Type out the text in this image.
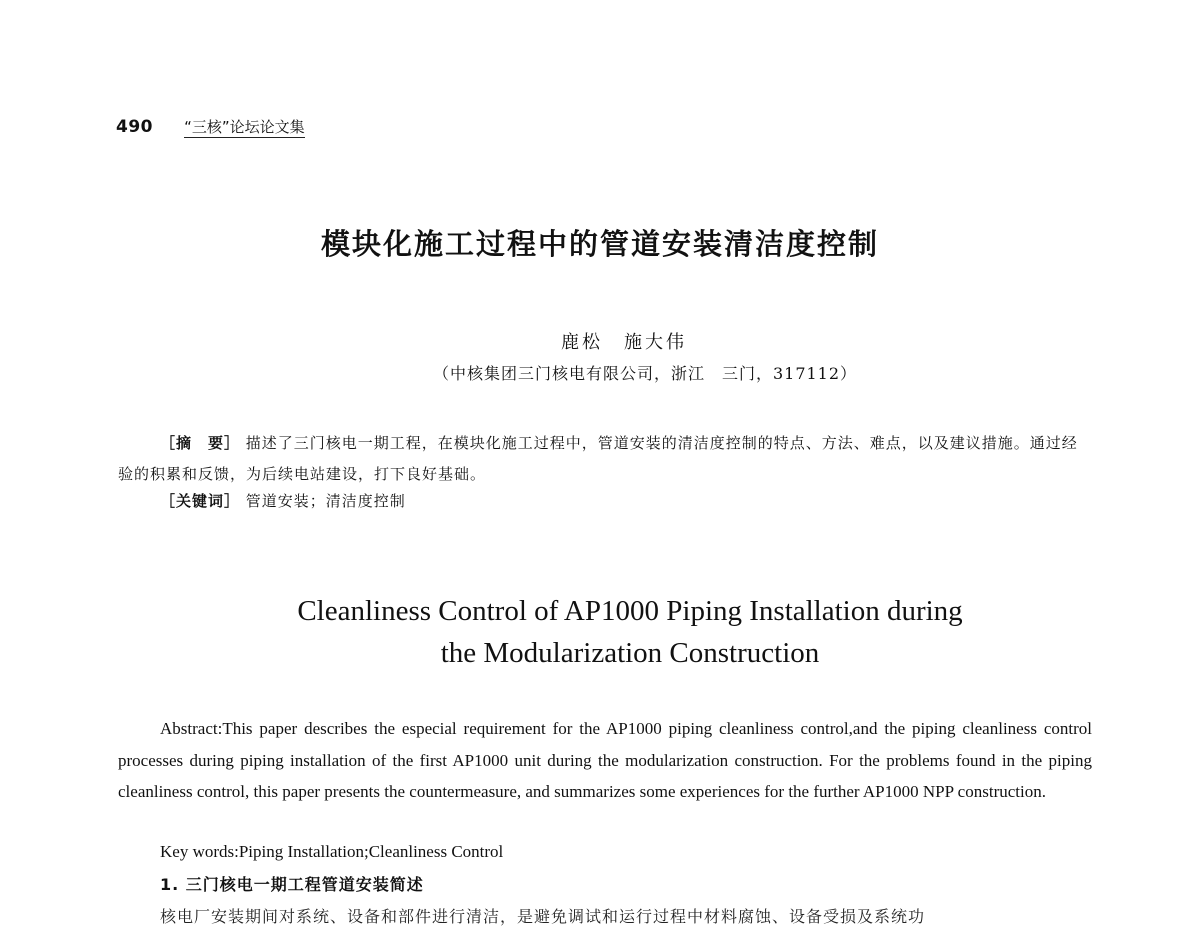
490 “三核”论坛论文集
模块化施工过程中的管道安装清洁度控制
鹿松　施大伟
（中核集团三门核电有限公司，浙江　三门，317112）
［摘　要］ 描述了三门核电一期工程，在模块化施工过程中，管道安装的清洁度控制的特点、方法、难点，以及建议措施。通过经验的积累和反馈，为后续电站建设，打下良好基础。
［关键词］ 管道安装；清洁度控制
Cleanliness Control of AP1000 Piping Installation during
the Modularization Construction
Abstract:This paper describes the especial requirement for the AP1000 piping cleanliness control,and the piping cleanliness control processes during piping installation of the first AP1000 unit during the modularization construction. For the problems found in the piping cleanliness control, this paper presents the countermeasure, and summarizes some experiences for the further AP1000 NPP construction.
Key words:Piping Installation;Cleanliness Control
1. 三门核电一期工程管道安装简述
核电厂安装期间对系统、设备和部件进行清洁，是避免调试和运行过程中材料腐蚀、设备受损及系统功
